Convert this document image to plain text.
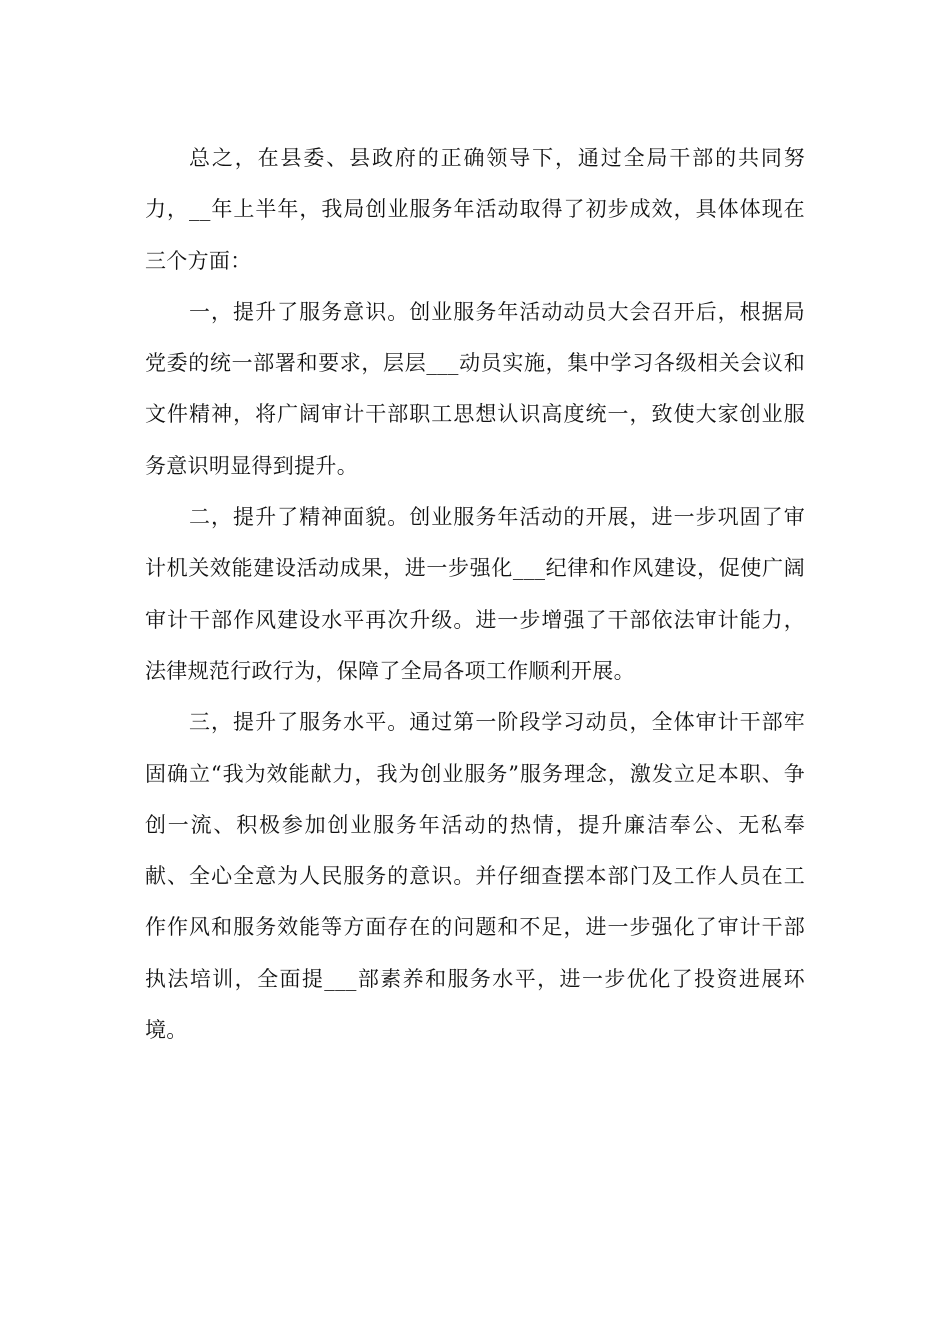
总之，在县委、县政府的正确领导下，通过全局干部的共同努力，__年上半年，我局创业服务年活动取得了初步成效，具体体现在三个方面：

一，提升了服务意识。创业服务年活动动员大会召开后，根据局党委的统一部署和要求，层层___动员实施，集中学习各级相关会议和文件精神，将广阔审计干部职工思想认识高度统一，致使大家创业服务意识明显得到提升。

二，提升了精神面貌。创业服务年活动的开展，进一步巩固了审计机关效能建设活动成果，进一步强化___纪律和作风建设，促使广阔审计干部作风建设水平再次升级。进一步增强了干部依法审计能力，法律规范行政行为，保障了全局各项工作顺利开展。

三，提升了服务水平。通过第一阶段学习动员，全体审计干部牢固确立“我为效能献力，我为创业服务”服务理念，激发立足本职、争创一流、积极参加创业服务年活动的热情，提升廉洁奉公、无私奉献、全心全意为人民服务的意识。并仔细查摆本部门及工作人员在工作作风和服务效能等方面存在的问题和不足，进一步强化了审计干部执法培训，全面提___部素养和服务水平，进一步优化了投资进展环境。
